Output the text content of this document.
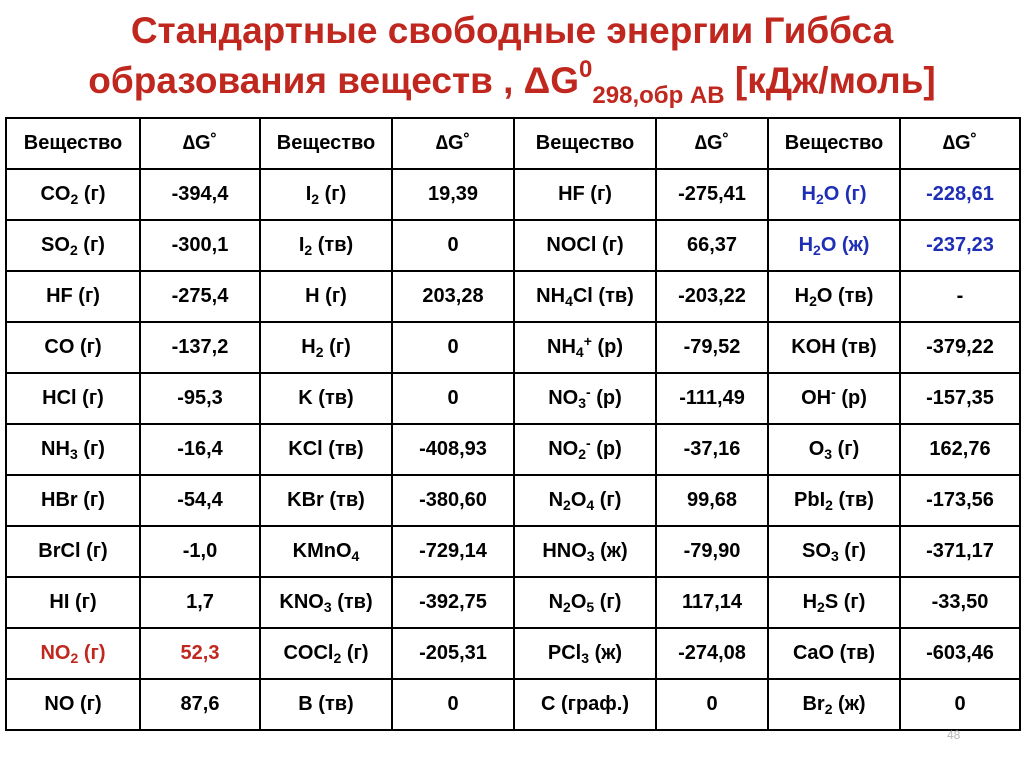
Стандартные свободные энергии Гиббса
образования веществ , $\Delta G^0_{298,обр АВ}$ [кДж/моль]
Вещество	∆G˚	Вещество	∆G˚	Вещество	∆G˚	Вещество	∆G˚
$CO_2$ (г)	-394,4	$I_2$ (г)	19,39	HF (г)	-275,41	$H_2O$ (г)	-228,61
$SO_2$ (г)	-300,1	$I_2$ (тв)	0	NOCl (г)	66,37	$H_2O$ (ж)	-237,23
HF (г)	-275,4	H (г)	203,28	$NH_4Cl$ (тв)	-203,22	$H_2O$ (тв)	-
CO (г)	-137,2	$H_2$ (г)	0	$NH_4^+$ (р)	-79,52	KOH (тв)	-379,22
HCl (г)	-95,3	K (тв)	0	$NO_3^-$ (р)	-111,49	OH- (р)	-157,35
$NH_3$ (г)	-16,4	KCl (тв)	-408,93	$NO_2^-$ (р)	-37,16	$O_3$ (г)	162,76
HBr (г)	-54,4	KBr (тв)	-380,60	$N_2O_4$ (г)	99,68	PbI$_2$ (тв)	-173,56
BrCl (г)	-1,0	KMnO$_4$	-729,14	$HNO_3$ (ж)	-79,90	$SO_3$ (г)	-371,17
HI (г)	1,7	$KNO_3$ (тв)	-392,75	$N_2O_5$ (г)	117,14	$H_2S$ (г)	-33,50
$NO_2$ (г)	52,3	COCl$_2$ (г)	-205,31	PCl$_3$ (ж)	-274,08	CaO (тв)	-603,46
NO (г)	87,6	B (тв)	0	C (граф.)	0	$Br_2$ (ж)	0
48
